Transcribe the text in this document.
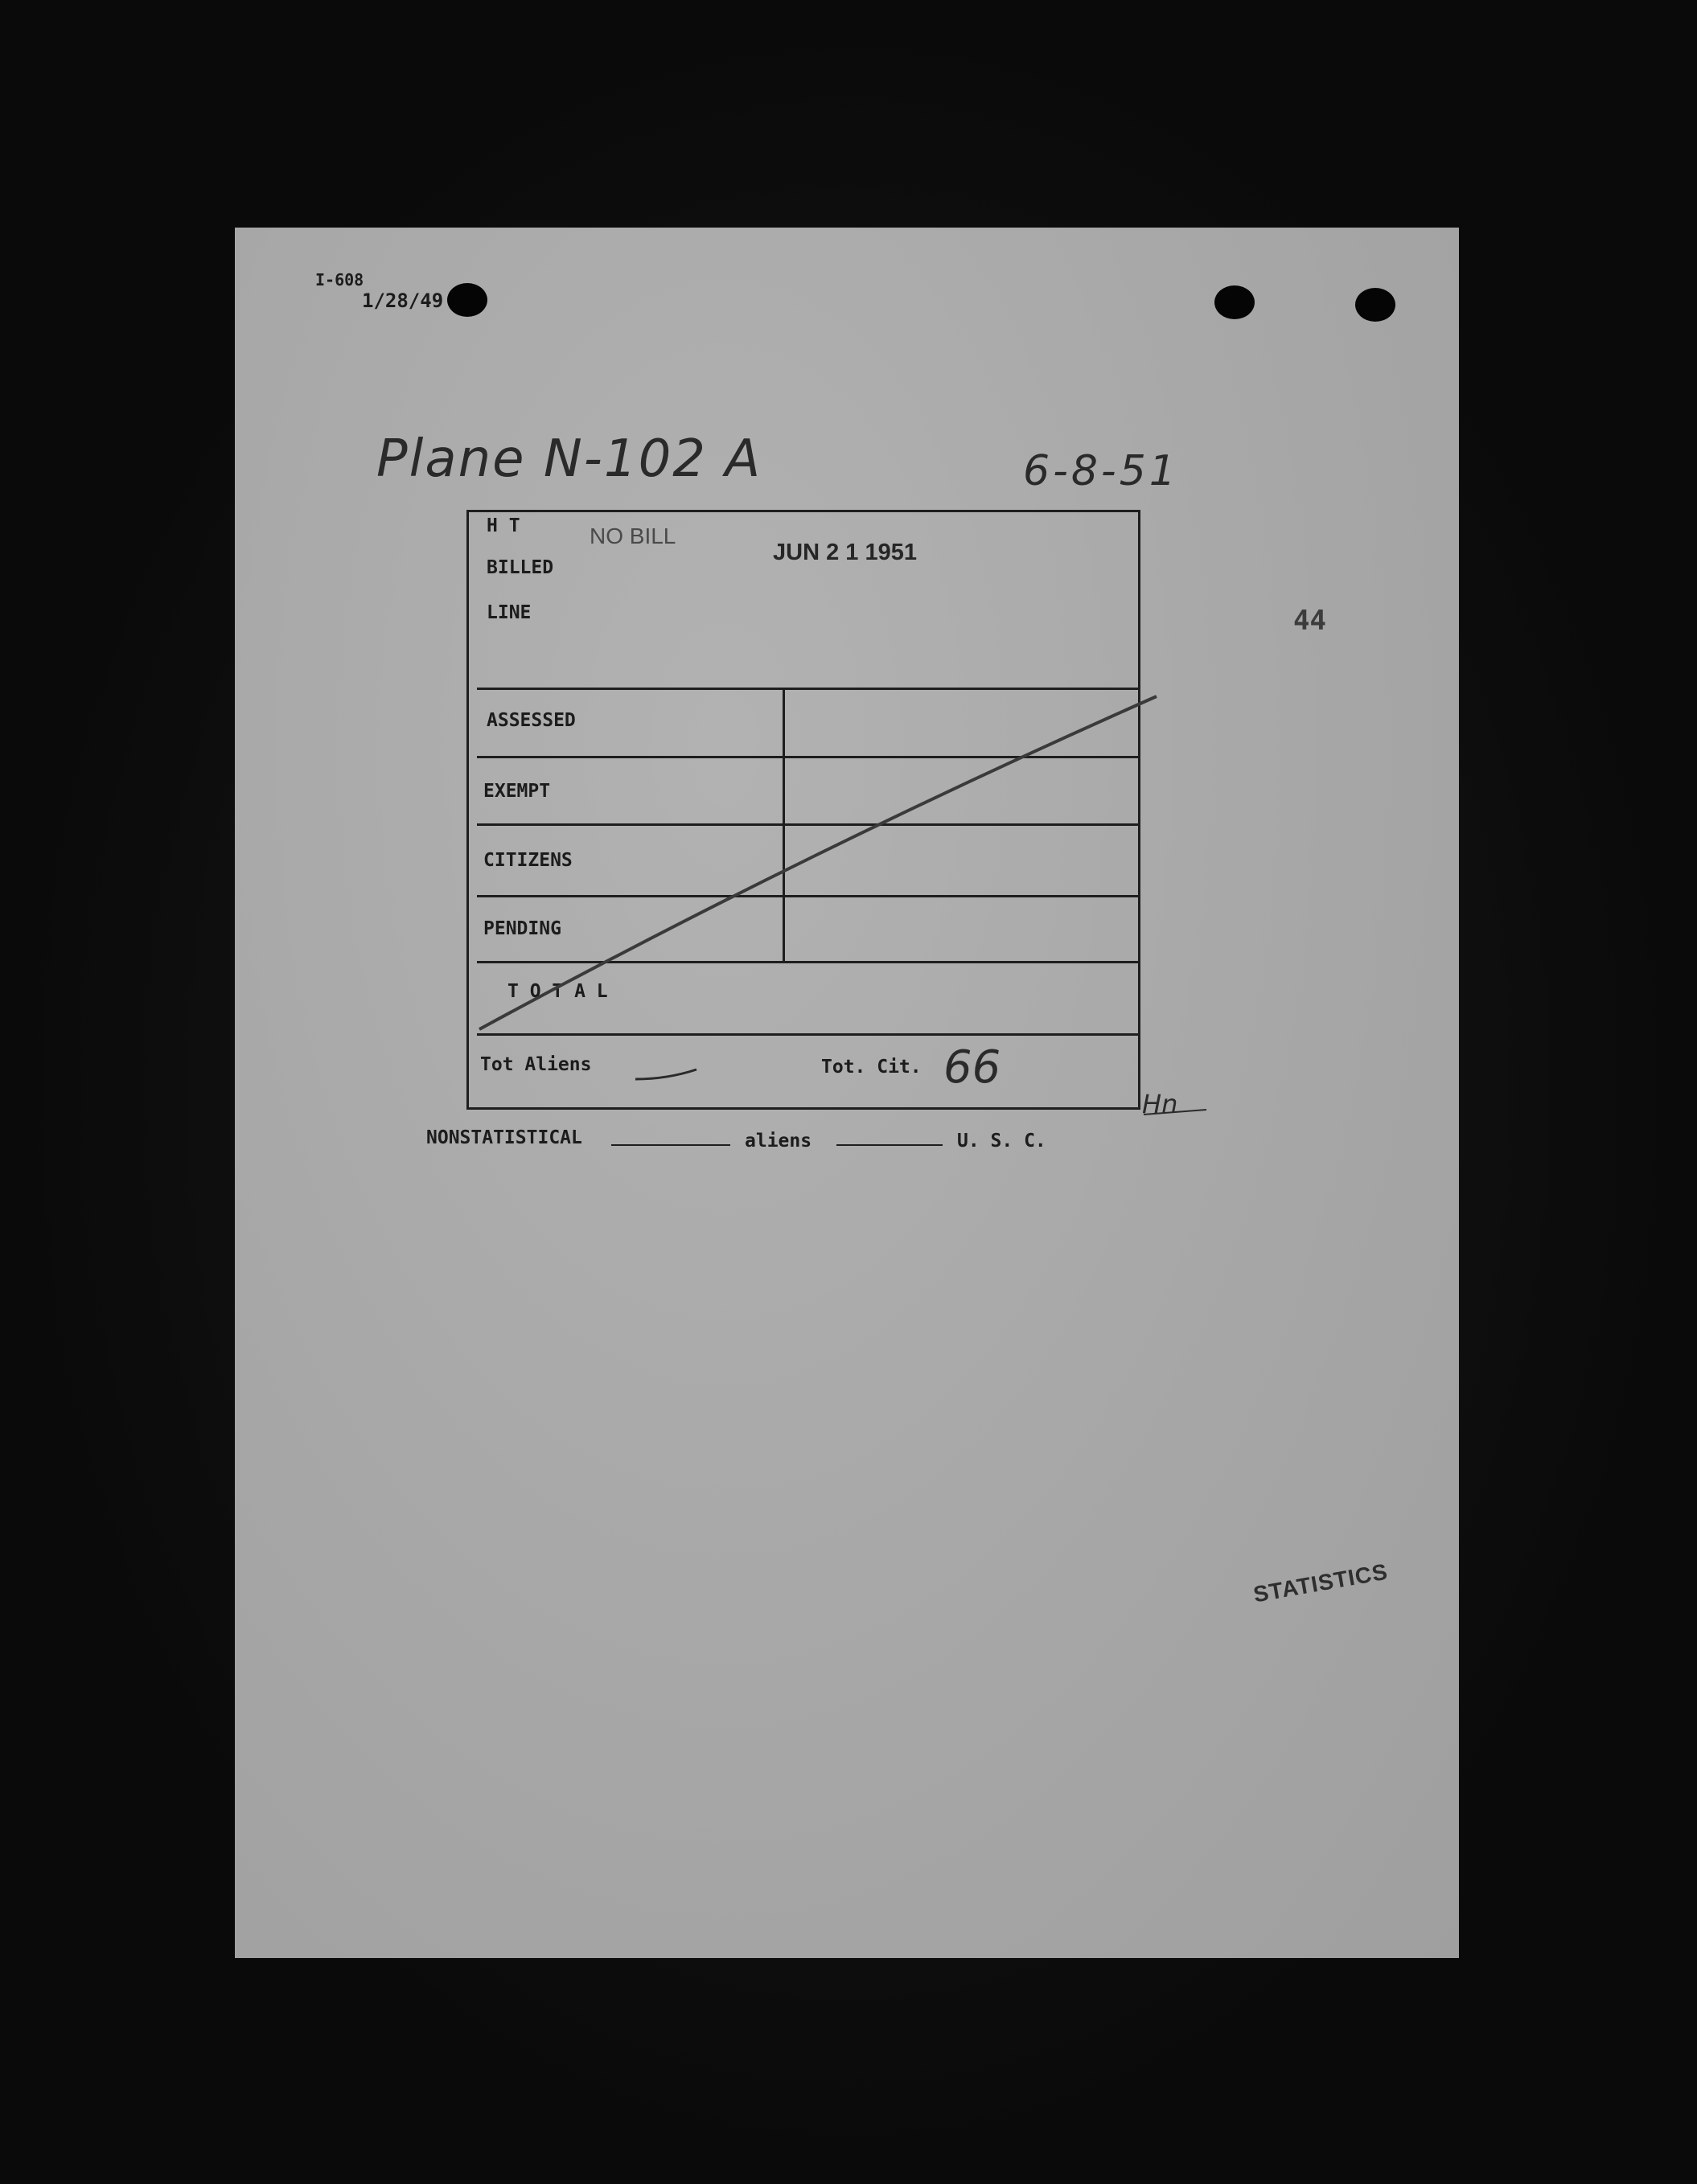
I-608
1/28/49
Plane N-102 A	6-8-51
44
H T
BILLED
LINE
NO BILL
JUN 2 1 1951
ASSESSED
EXEMPT
CITIZENS
PENDING
T O T A L
Tot Aliens	Tot. Cit. 66
Hn
NONSTATISTICAL	aliens	U. S. C.
STATISTICS
